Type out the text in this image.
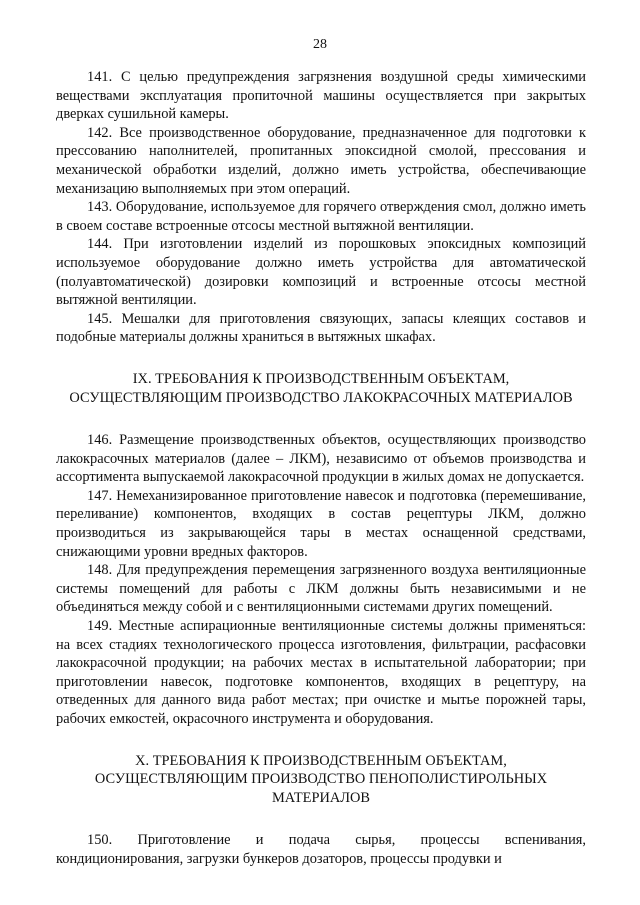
28

141. С целью предупреждения загрязнения воздушной среды химическими веществами эксплуатация пропиточной машины осуществляется при закрытых дверках сушильной камеры.

142. Все производственное оборудование, предназначенное для подготовки к прессованию наполнителей, пропитанных эпоксидной смолой, прессования и механической обработки изделий, должно иметь устройства, обеспечивающие механизацию выполняемых при этом операций.

143. Оборудование, используемое для горячего отверждения смол, должно иметь в своем составе встроенные отсосы местной вытяжной вентиляции.

144. При изготовлении изделий из порошковых эпоксидных композиций используемое оборудование должно иметь устройства для автоматической (полуавтоматической) дозировки композиций и встроенные отсосы местной вытяжной вентиляции.

145. Мешалки для приготовления связующих, запасы клеящих составов и подобные материалы должны храниться в вытяжных шкафах.

IX. ТРЕБОВАНИЯ К ПРОИЗВОДСТВЕННЫМ ОБЪЕКТАМ,
ОСУЩЕСТВЛЯЮЩИМ ПРОИЗВОДСТВО ЛАКОКРАСОЧНЫХ МАТЕРИАЛОВ

146. Размещение производственных объектов, осуществляющих производство лакокрасочных материалов (далее – ЛКМ), независимо от объемов производства и ассортимента выпускаемой лакокрасочной продукции в жилых домах не допускается.

147. Немеханизированное приготовление навесок и подготовка (перемешивание, переливание) компонентов, входящих в состав рецептуры ЛКМ, должно производиться из закрывающейся тары в местах оснащенной средствами, снижающими уровни вредных факторов.

148. Для предупреждения перемещения загрязненного воздуха вентиляционные системы помещений для работы с ЛКМ должны быть независимыми и не объединяться между собой и с вентиляционными системами других помещений.

149. Местные аспирационные вентиляционные системы должны применяться: на всех стадиях технологического процесса изготовления, фильтрации, расфасовки лакокрасочной продукции; на рабочих местах в испытательной лаборатории; при приготовлении навесок, подготовке компонентов, входящих в рецептуру, на отведенных для данного вида работ местах; при очистке и мытье порожней тары, рабочих емкостей, окрасочного инструмента и оборудования.

X. ТРЕБОВАНИЯ К ПРОИЗВОДСТВЕННЫМ ОБЪЕКТАМ,
ОСУЩЕСТВЛЯЮЩИМ ПРОИЗВОДСТВО ПЕНОПОЛИСТИРОЛЬНЫХ
МАТЕРИАЛОВ

150. Приготовление и подача сырья, процессы вспенивания, кондиционирования, загрузки бункеров дозаторов, процессы продувки и
